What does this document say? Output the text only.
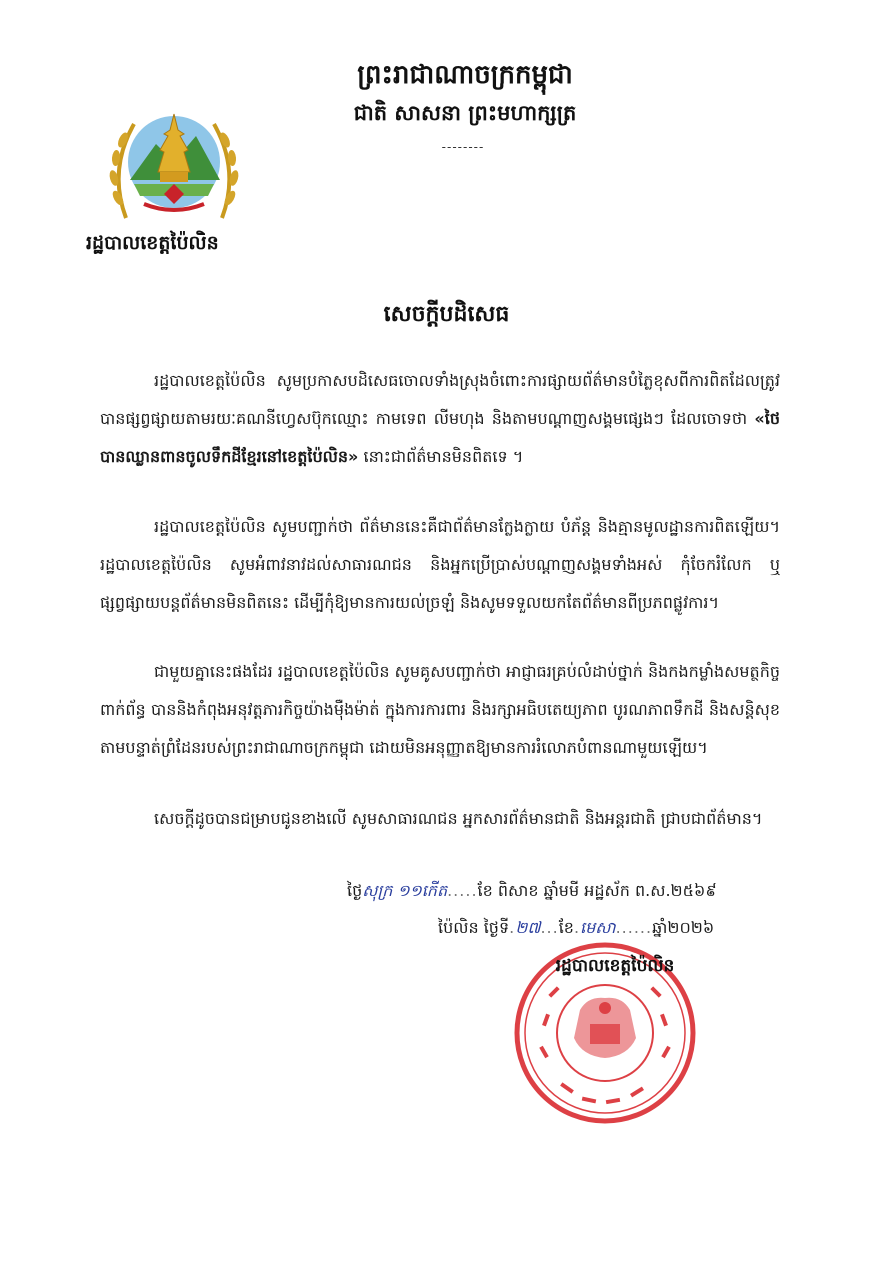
ព្រះរាជាណាចក្រកម្ពុជា
ជាតិ សាសនា ព្រះមហាក្សត្រ
--------
រដ្ឋបាលខេត្តប៉ៃលិន
សេចក្តីបដិសេធ
រដ្ឋបាលខេត្តប៉ៃលិន សូមប្រកាសបដិសេធចោលទាំងស្រុងចំពោះការផ្សាយព័ត៌មានបំភ្លៃខុសពីការពិតដែលត្រូវបានផ្សព្វផ្សាយតាមរយៈគណនីហ្វេសប៊ុកឈ្មោះ កាមទេព លីមហុង និងតាមបណ្តាញសង្គមផ្សេងៗ ដែលចោទថា «ថៃបានឈ្លានពានចូលទឹកដីខ្មែរនៅខេត្តប៉ៃលិន» នោះជាព័ត៌មានមិនពិតទេ ។
រដ្ឋបាលខេត្តប៉ៃលិន សូមបញ្ជាក់ថា ព័ត៌មាននេះគឺជាព័ត៌មានក្លែងក្លាយ បំភ័ន្ត និងគ្មានមូលដ្ឋានការពិតឡើយ។ រដ្ឋបាលខេត្តប៉ៃលិន សូមអំពាវនាវដល់សាធារណជន និងអ្នកប្រើប្រាស់បណ្តាញសង្គមទាំងអស់ កុំចែករំលែក ឬផ្សព្វផ្សាយបន្តព័ត៌មានមិនពិតនេះ ដើម្បីកុំឱ្យមានការយល់ច្រឡំ និងសូមទទួលយកតែព័ត៌មានពីប្រភពផ្លូវការ។
ជាមួយគ្នានេះផងដែរ រដ្ឋបាលខេត្តប៉ៃលិន សូមគូសបញ្ជាក់ថា អាជ្ញាធរគ្រប់លំដាប់ថ្នាក់ និងកងកម្លាំងសមត្ថកិច្ចពាក់ព័ន្ធ បាននិងកំពុងអនុវត្តភារកិច្ចយ៉ាងម៉ឺងម៉ាត់ ក្នុងការការពារ និងរក្សាអធិបតេយ្យភាព បូរណភាពទឹកដី និងសន្តិសុខតាមបន្ទាត់ព្រំដែនរបស់ព្រះរាជាណាចក្រកម្ពុជា ដោយមិនអនុញ្ញាតឱ្យមានការរំលោភបំពានណាមួយឡើយ។
សេចក្តីដូចបានជម្រាបជូនខាងលើ សូមសាធារណជន អ្នកសារព័ត៌មានជាតិ និងអន្តរជាតិ ជ្រាបជាព័ត៌មាន។
ថ្ងៃសុក្រ ១១កើត.....ខែ ពិសាខ ឆ្នាំមមី អដ្ឋស័ក ព.ស.២៥៦៩
ប៉ៃលិន ថ្ងៃទី.២៧...ខែ.មេសា......ឆ្នាំ២០២៦
រដ្ឋបាលខេត្តប៉ៃលិន
